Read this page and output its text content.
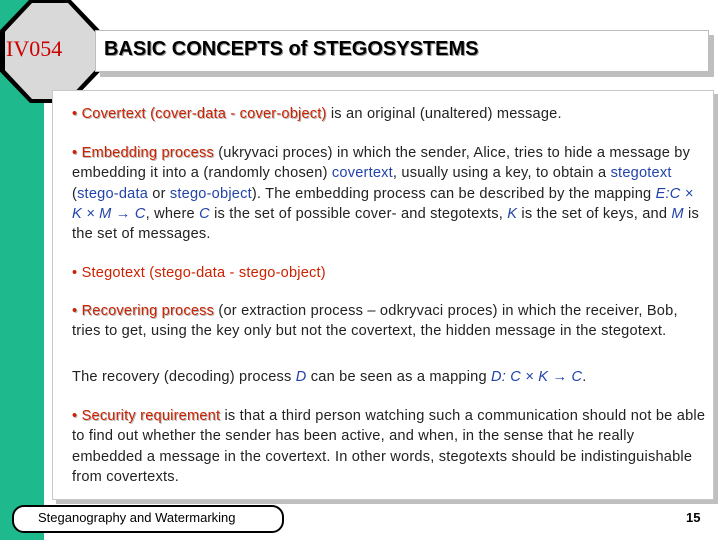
IV054	BASIC CONCEPTS of STEGOSYSTEMS

• Covertext (cover-data - cover-object) is an original (unaltered) message.

• Embedding process (ukryvaci proces) in which the sender, Alice, tries to hide a message by embedding it into a (randomly chosen) covertext, usually using a key, to obtain a stegotext (stego-data or stego-object). The embedding process can be described by the mapping E:C × K × M → C, where C is the set of possible cover- and stegotexts, K is the set of keys, and M is the set of messages.

• Stegotext (stego-data - stego-object)

• Recovering process (or extraction process – odkryvaci proces) in which the receiver, Bob, tries to get, using the key only but not the covertext, the hidden message in the stegotext.

The recovery (decoding) process D can be seen as a mapping D: C × K → C.

• Security requirement is that a third person watching such a communication should not be able to find out whether the sender has been active, and when, in the sense that he really embedded a message in the covertext. In other words, stegotexts should be indistinguishable from covertexts.

Steganography and Watermarking	15
